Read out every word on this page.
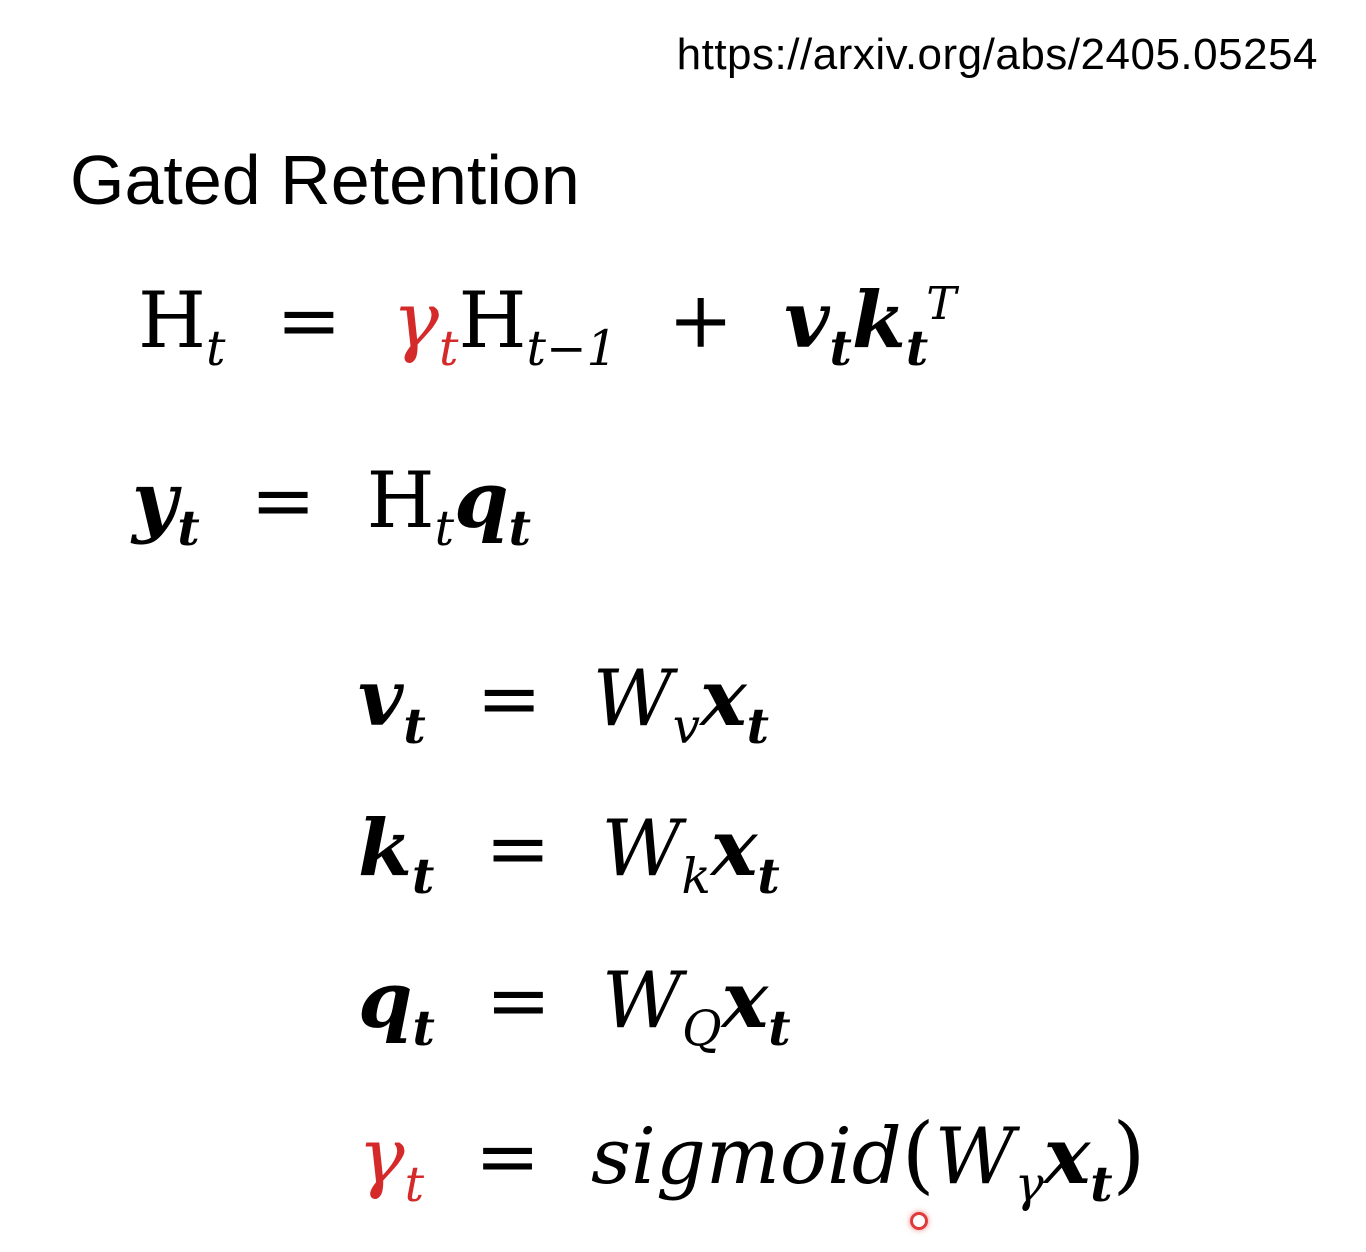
https://arxiv.org/abs/2405.05254
Gated Retention
$H_t = \gamma_tH_{t-1} + v_tk_t^T$
$y_t = H_tq_t$
$v_t = W_vx_t$
$k_t = W_kx_t$
$q_t = W_Qx_t$
$\gamma_t$ = $sigmoid(W_\gamma x_t)$
